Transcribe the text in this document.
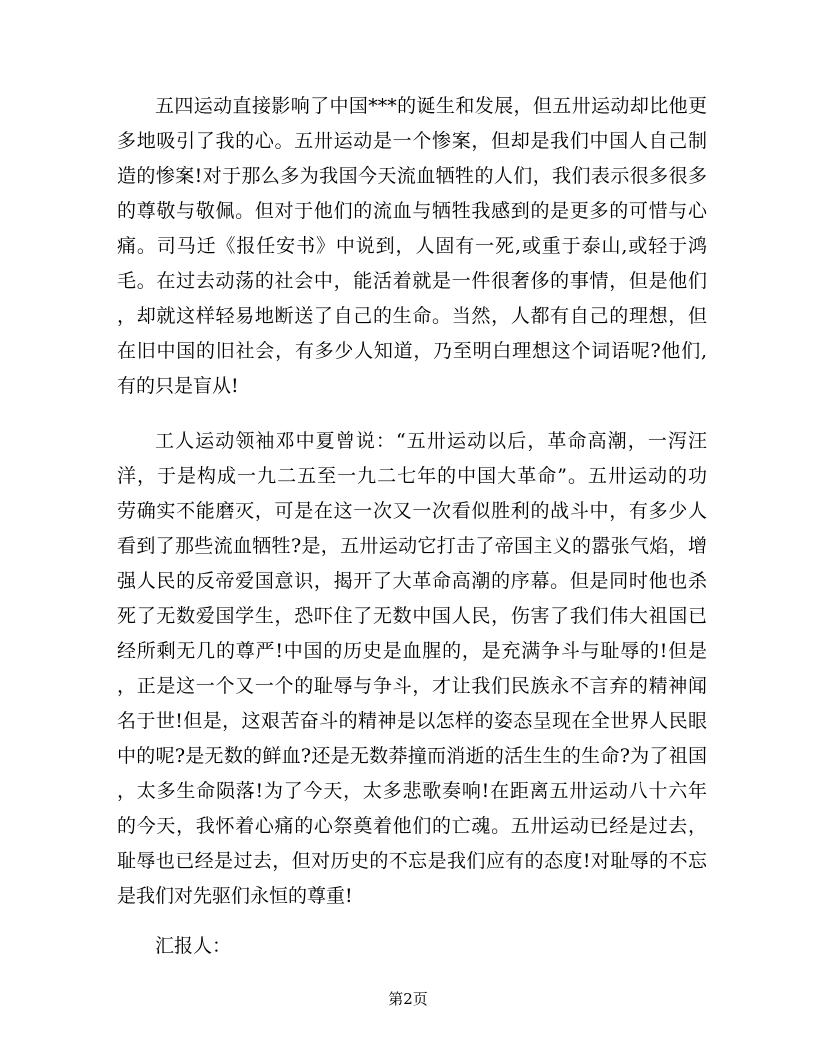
五四运动直接影响了中国***的诞生和发展，但五卅运动却比他更
多地吸引了我的心。五卅运动是一个惨案，但却是我们中国人自己制
造的惨案!对于那么多为我国今天流血牺牲的人们，我们表示很多很多
的尊敬与敬佩。但对于他们的流血与牺牲我感到的是更多的可惜与心
痛。司马迁《报任安书》中说到，人固有一死,或重于泰山,或轻于鸿
毛。在过去动荡的社会中，能活着就是一件很奢侈的事情，但是他们
，却就这样轻易地断送了自己的生命。当然，人都有自己的理想，但
在旧中国的旧社会，有多少人知道，乃至明白理想这个词语呢?他们,
有的只是盲从!
工人运动领袖邓中夏曾说：“五卅运动以后，革命高潮，一泻汪
洋，于是构成一九二五至一九二七年的中国大革命”。五卅运动的功
劳确实不能磨灭，可是在这一次又一次看似胜利的战斗中，有多少人
看到了那些流血牺牲?是，五卅运动它打击了帝国主义的嚣张气焰，增
强人民的反帝爱国意识，揭开了大革命高潮的序幕。但是同时他也杀
死了无数爱国学生，恐吓住了无数中国人民，伤害了我们伟大祖国已
经所剩无几的尊严!中国的历史是血腥的，是充满争斗与耻辱的!但是
，正是这一个又一个的耻辱与争斗，才让我们民族永不言弃的精神闻
名于世!但是，这艰苦奋斗的精神是以怎样的姿态呈现在全世界人民眼
中的呢?是无数的鲜血?还是无数莽撞而消逝的活生生的生命?为了祖国
，太多生命陨落!为了今天，太多悲歌奏响!在距离五卅运动八十六年
的今天，我怀着心痛的心祭奠着他们的亡魂。五卅运动已经是过去，
耻辱也已经是过去，但对历史的不忘是我们应有的态度!对耻辱的不忘
是我们对先驱们永恒的尊重!
汇报人：
第2页
